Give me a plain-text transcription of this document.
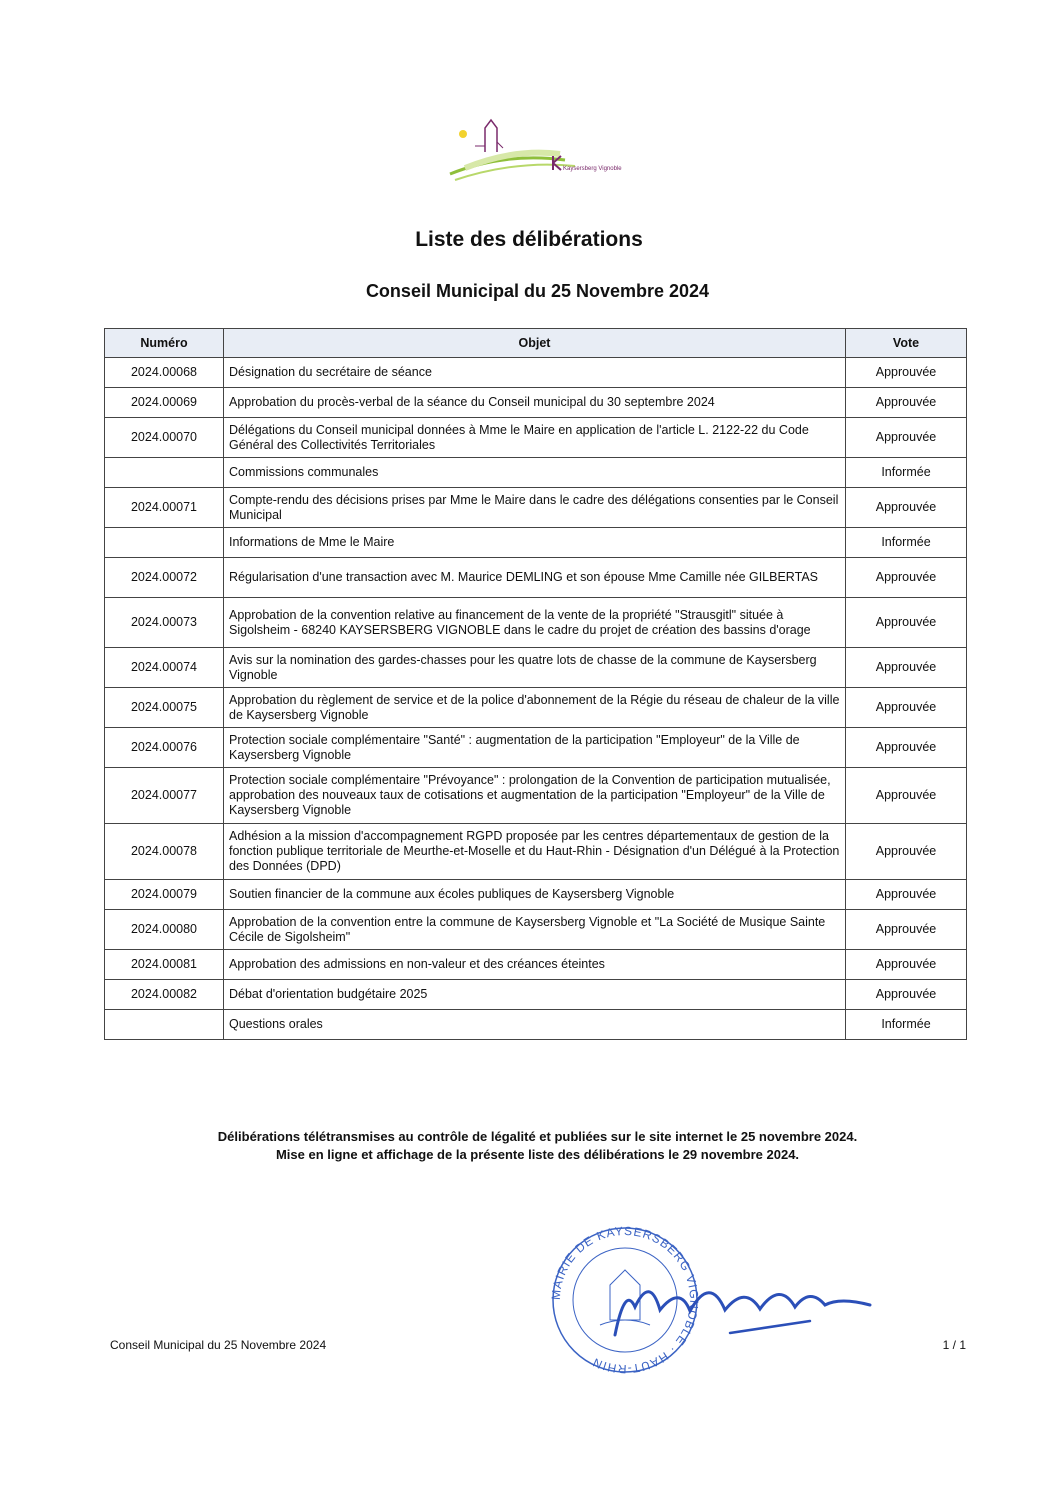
Kaysersberg Vignoble
Liste des délibérations
Conseil Municipal du 25 Novembre 2024
Numéro	Objet	Vote
2024.00068	Désignation du secrétaire de séance	Approuvée
2024.00069	Approbation du procès-verbal de la séance du Conseil municipal du 30 septembre 2024	Approuvée
2024.00070	Délégations du Conseil municipal données à Mme le Maire en application de l'article L. 2122-22 du Code Général des Collectivités Territoriales	Approuvée
	Commissions communales	Informée
2024.00071	Compte-rendu des décisions prises par Mme le Maire dans le cadre des délégations consenties par le Conseil Municipal	Approuvée
	Informations de Mme le Maire	Informée
2024.00072	Régularisation d'une transaction avec M. Maurice DEMLING et son épouse Mme Camille née GILBERTAS	Approuvée
2024.00073	Approbation de la convention relative au financement de la vente de la propriété "Strausgitl" située à Sigolsheim - 68240 KAYSERSBERG VIGNOBLE dans le cadre du projet de création des bassins d'orage	Approuvée
2024.00074	Avis sur la nomination des gardes-chasses pour les quatre lots de chasse de la commune de Kaysersberg Vignoble	Approuvée
2024.00075	Approbation du règlement de service et de la police d'abonnement de la Régie du réseau de chaleur de la ville de Kaysersberg Vignoble	Approuvée
2024.00076	Protection sociale complémentaire "Santé" : augmentation de la participation "Employeur" de la Ville de Kaysersberg Vignoble	Approuvée
2024.00077	Protection sociale complémentaire "Prévoyance" : prolongation de la Convention de participation mutualisée, approbation des nouveaux taux de cotisations et augmentation de la participation "Employeur" de la Ville de Kaysersberg Vignoble	Approuvée
2024.00078	Adhésion a la mission d'accompagnement RGPD proposée par les centres départementaux de gestion de la fonction publique territoriale de Meurthe-et-Moselle et du Haut-Rhin - Désignation d'un Délégué à la Protection des Données (DPD)	Approuvée
2024.00079	Soutien financier de la commune aux écoles publiques de Kaysersberg Vignoble	Approuvée
2024.00080	Approbation de la convention entre la commune de Kaysersberg Vignoble et "La Société de Musique Sainte Cécile de Sigolsheim"	Approuvée
2024.00081	Approbation des admissions en non-valeur et des créances éteintes	Approuvée
2024.00082	Débat d'orientation budgétaire 2025	Approuvée
	Questions orales	Informée

Délibérations télétransmises au contrôle de légalité et publiées sur le site internet le 25 novembre 2024.

Mise en ligne et affichage de la présente liste des délibérations le 29 novembre 2024.

MAIRIE DE KAYSERSBERG VIGNOBLE · HAUT-RHIN
Conseil Municipal du 25 Novembre 2024	1 / 1
